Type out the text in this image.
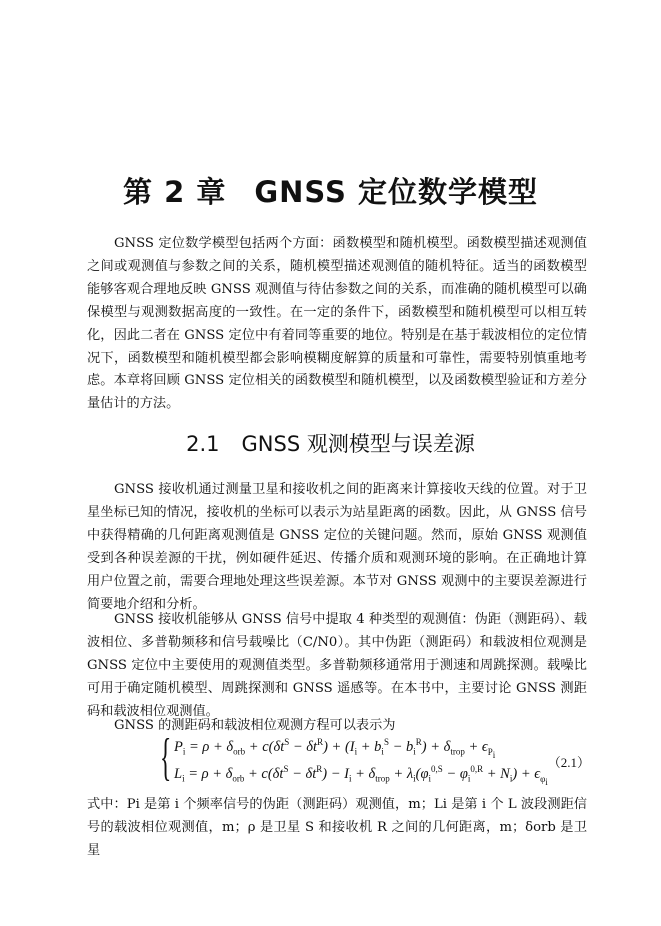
第 2 章 GNSS 定位数学模型

GNSS 定位数学模型包括两个方面：函数模型和随机模型。函数模型描述观测值之间或观测值与参数之间的关系，随机模型描述观测值的随机特征。适当的函数模型能够客观合理地反映 GNSS 观测值与待估参数之间的关系，而准确的随机模型可以确保模型与观测数据高度的一致性。在一定的条件下，函数模型和随机模型可以相互转化，因此二者在 GNSS 定位中有着同等重要的地位。特别是在基于载波相位的定位情况下，函数模型和随机模型都会影响模糊度解算的质量和可靠性，需要特别慎重地考虑。本章将回顾 GNSS 定位相关的函数模型和随机模型，以及函数模型验证和方差分量估计的方法。

2.1 GNSS 观测模型与误差源

GNSS 接收机通过测量卫星和接收机之间的距离来计算接收天线的位置。对于卫星坐标已知的情况，接收机的坐标可以表示为站星距离的函数。因此，从 GNSS 信号中获得精确的几何距离观测值是 GNSS 定位的关键问题。然而，原始 GNSS 观测值受到各种误差源的干扰，例如硬件延迟、传播介质和观测环境的影响。在正确地计算用户位置之前，需要合理地处理这些误差源。本节对 GNSS 观测中的主要误差源进行简要地介绍和分析。

GNSS 接收机能够从 GNSS 信号中提取 4 种类型的观测值：伪距（测距码）、载波相位、多普勒频移和信号载噪比（C/N0）。其中伪距（测距码）和载波相位观测是 GNSS 定位中主要使用的观测值类型。多普勒频移通常用于测速和周跳探测。载噪比可用于确定随机模型、周跳探测和 GNSS 遥感等。在本书中，主要讨论 GNSS 测距码和载波相位观测值。

GNSS 的测距码和载波相位观测方程可以表示为

{ $P_i = \rho + \delta_{orb} + c(\delta t^S - \delta t^R) + (I_i + b_i^S - b_i^R) + \delta_{trop} + \epsilon_{P_i}$
$L_i = \rho + \delta_{orb} + c(\delta t^S - \delta t^R) - I_i + \delta_{trop} + \lambda_i(\varphi_i^{0,S} - \varphi_i^{0,R} + N_i) + \epsilon_{\varphi_i}$
（2.1）

式中：Pi 是第 i 个频率信号的伪距（测距码）观测值，m；Li 是第 i 个 L 波段测距信号的载波相位观测值，m；ρ 是卫星 S 和接收机 R 之间的几何距离，m；δorb 是卫星
